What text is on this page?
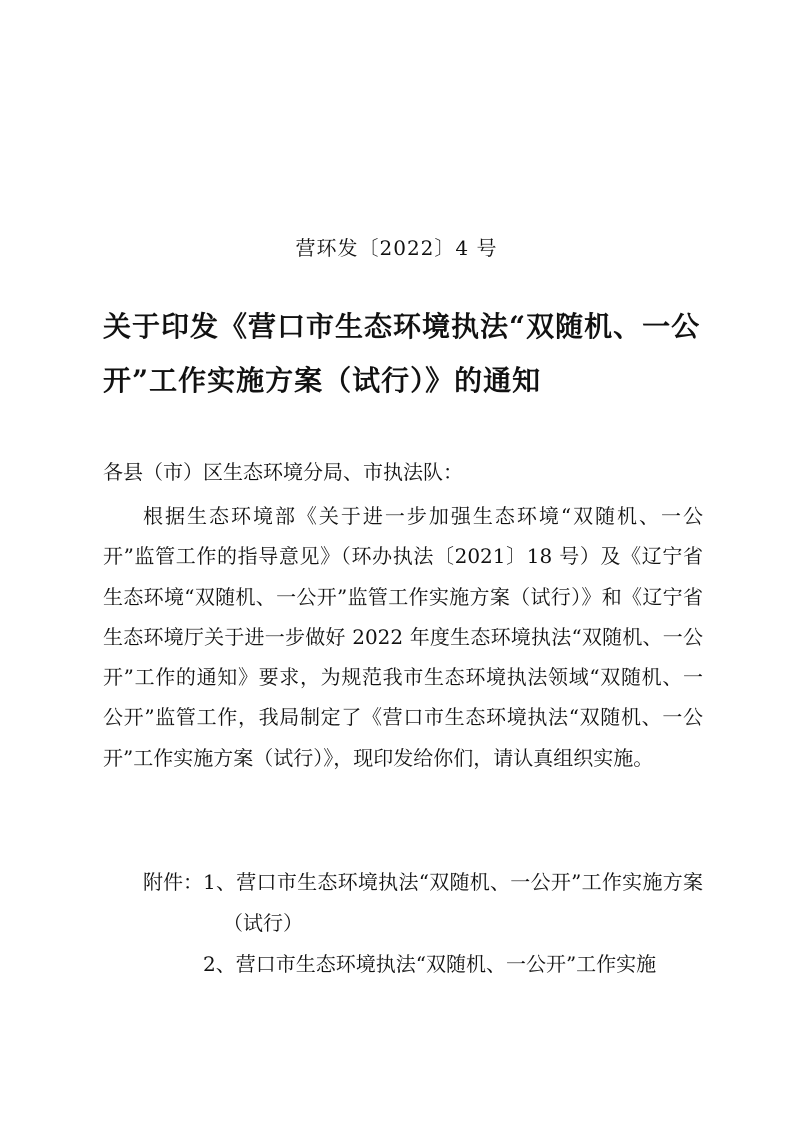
营环发〔2022〕4 号
关于印发《营口市生态环境执法“双随机、一公开”工作实施方案（试行）》的通知
各县（市）区生态环境分局、市执法队：

根据生态环境部《关于进一步加强生态环境“双随机、一公开”监管工作的指导意见》（环办执法〔2021〕18 号）及《辽宁省生态环境“双随机、一公开”监管工作实施方案（试行）》和《辽宁省生态环境厅关于进一步做好 2022 年度生态环境执法“双随机、一公开”工作的通知》要求，为规范我市生态环境执法领域“双随机、一公开”监管工作，我局制定了《营口市生态环境执法“双随机、一公开”工作实施方案（试行）》，现印发给你们，请认真组织实施。

附件： 1、营口市生态环境执法“双随机、一公开”工作实施方案（试行）
2、营口市生态环境执法“双随机、一公开”工作实施
